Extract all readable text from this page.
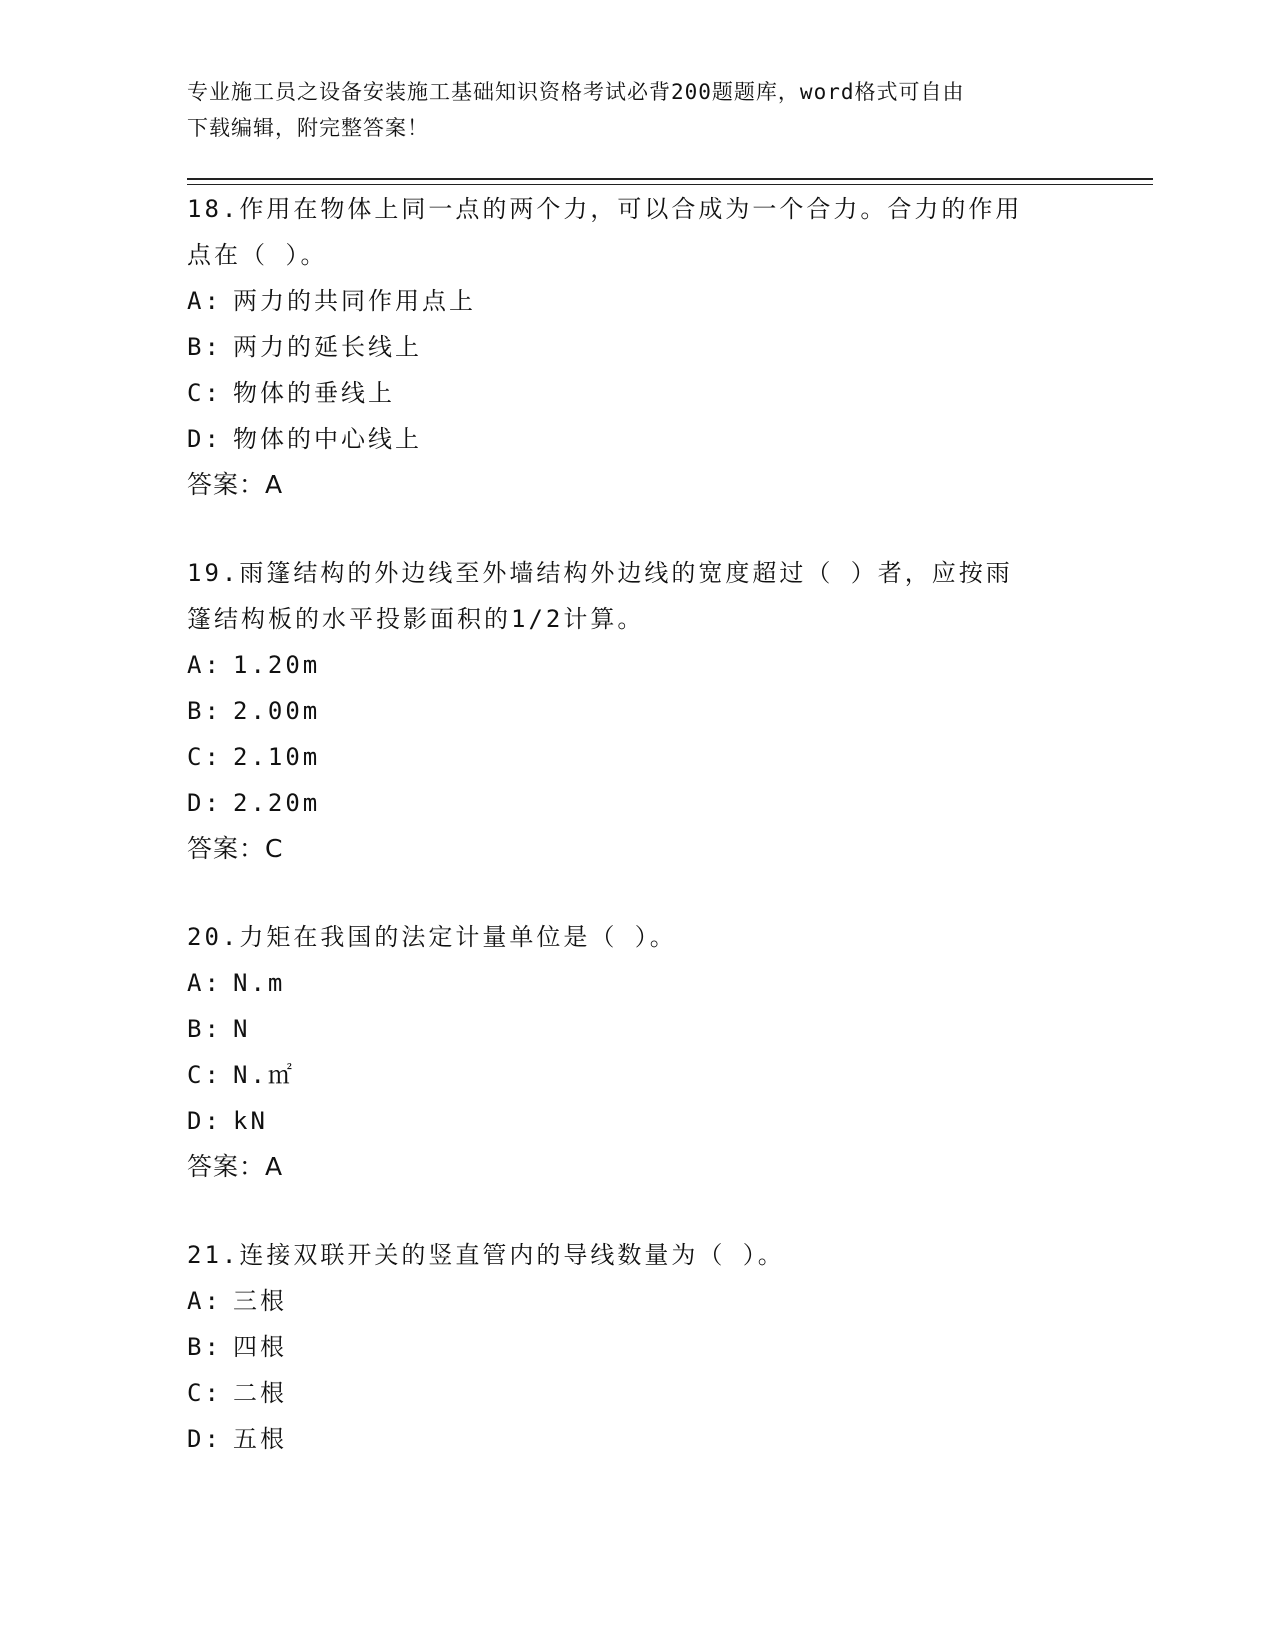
专业施工员之设备安装施工基础知识资格考试必背200题题库，word格式可自由
下载编辑，附完整答案！
18.作用在物体上同一点的两个力，可以合成为一个合力。合力的作用
点在（ ）。
A: 两力的共同作用点上
B: 两力的延长线上
C: 物体的垂线上
D: 物体的中心线上
答案：A
19.雨篷结构的外边线至外墙结构外边线的宽度超过（ ）者，应按雨
篷结构板的水平投影面积的1/2计算。
A: 1.20m
B: 2.00m
C: 2.10m
D: 2.20m
答案：C
20.力矩在我国的法定计量单位是（ ）。
A: N.m
B: N
C: N.㎡
D: kN
答案：A
21.连接双联开关的竖直管内的导线数量为（ ）。
A: 三根
B: 四根
C: 二根
D: 五根
